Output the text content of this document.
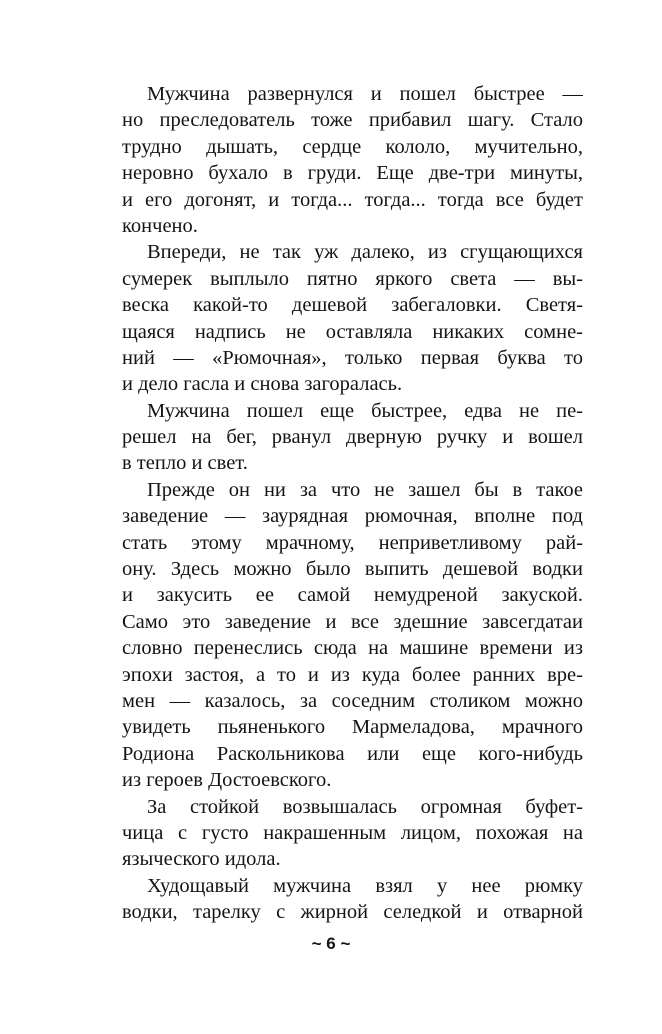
Мужчина развернулся и пошел быстрее —
но преследователь тоже прибавил шагу. Стало
трудно дышать, сердце кололо, мучительно,
неровно бухало в груди. Еще две-три минуты,
и его догонят, и тогда... тогда... тогда все будет
кончено.
Впереди, не так уж далеко, из сгущающихся
сумерек выплыло пятно яркого света — вы-
веска какой-то дешевой забегаловки. Светя-
щаяся надпись не оставляла никаких сомне-
ний — «Рюмочная», только первая буква то
и дело гасла и снова загоралась.
Мужчина пошел еще быстрее, едва не пе-
решел на бег, рванул дверную ручку и вошел
в тепло и свет.
Прежде он ни за что не зашел бы в такое
заведение — заурядная рюмочная, вполне под
стать этому мрачному, неприветливому рай-
ону. Здесь можно было выпить дешевой водки
и закусить ее самой немудреной закуской.
Само это заведение и все здешние завсегдатаи
словно перенеслись сюда на машине времени из
эпохи застоя, а то и из куда более ранних вре-
мен — казалось, за соседним столиком можно
увидеть пьяненького Мармеладова, мрачного
Родиона Раскольникова или еще кого-нибудь
из героев Достоевского.
За стойкой возвышалась огромная буфет-
чица с густо накрашенным лицом, похожая на
языческого идола.
Худощавый мужчина взял у нее рюмку
водки, тарелку с жирной селедкой и отварной
~ 6 ~
